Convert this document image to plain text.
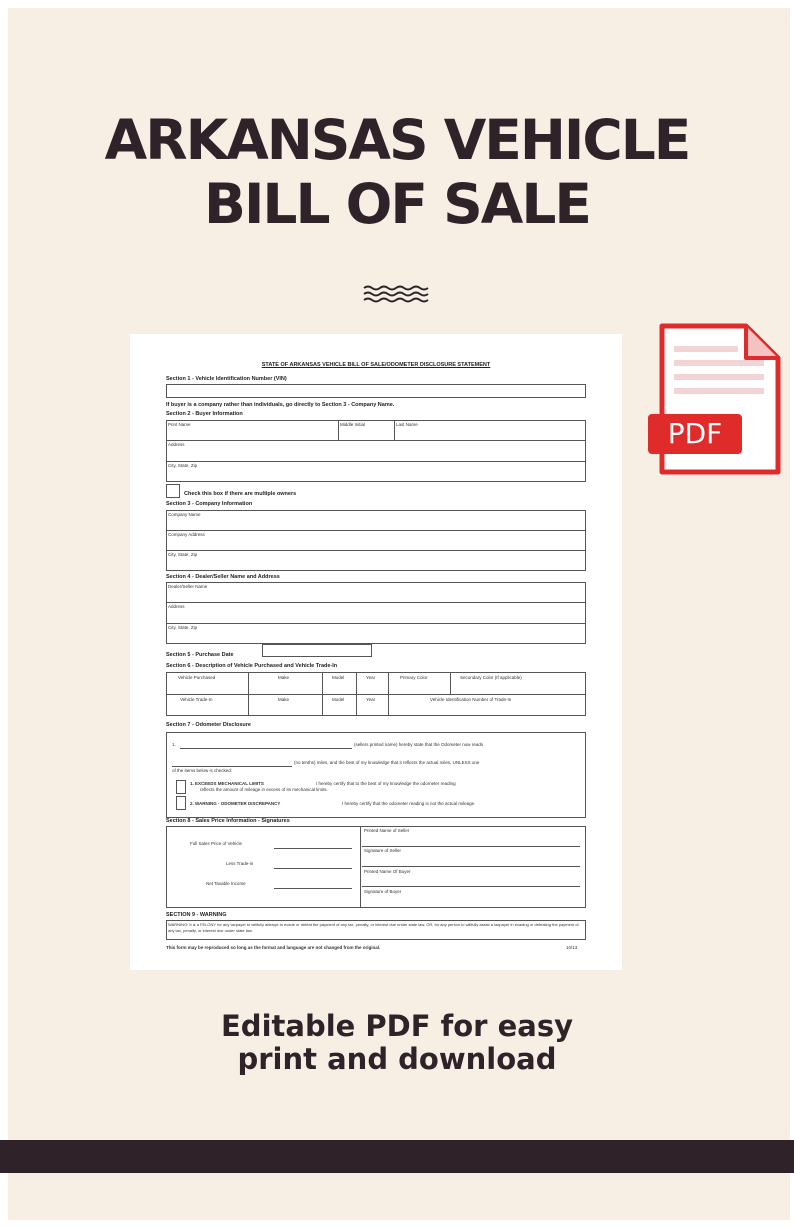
ARKANSAS VEHICLE
BILL OF SALE
STATE OF ARKANSAS VEHICLE BILL OF SALE/ODOMETER DISCLOSURE STATEMENT
Section 1 - Vehicle Identification Number (VIN)
If buyer is a company rather than individuals, go directly to Section 3 - Company Name.
Section 2 - Buyer Information
Print Name	Middle Initial	Last Name
Address
City, State, Zip
Check this box if there are multiple owners
Section 3 - Company Information
Company Name
Company Address
City, State, Zip
Section 4 - Dealer/Seller Name and Address
Dealer/Seller Name
Address
City, State, Zip
Section 5 - Purchase Date
Section 6 - Description of Vehicle Purchased and Vehicle Trade-In
Vehicle Purchased	Make	Model	Year	Primary Color	Secondary Color (If applicable)
Vehicle Trade-In	Make	Model	Year	Vehicle Identification Number of Trade-In
Section 7 - Odometer Disclosure
1.	(sellers printed name) hereby state that the Odometer now reads
(no tenths) miles, and the best of my knowledge that it reflects the actual miles, UNLESS one
of the items below is checked:
1. EXCEEDS MECHANICAL LIMITS	I hereby certify that to the best of my knowledge the odometer reading
reflects the amount of mileage in excess of its mechanical limits.
2. WARNING - ODOMETER DISCREPANCY	I hereby certify that the odometer reading is not the actual mileage.
Section 8 - Sales Price Information - Signatures
Full Sales Price of Vehicle
Less Trade-in
Net Taxable Income
Printed Name of Seller
Signature of Seller
Printed Name Of Buyer
Signature of Buyer
SECTION 9 - WARNING
WARNING: It is a FELONY for any taxpayer to willfully attempt to evade or defeat the payment of any tax, penalty, or interest due under state law, OR, for any person to willfully assist a taxpayer in evading or defeating the payment of any tax, penalty, or interest due under state law.
This form may be reproduced so long as the format and language are not changed from the original.	10/13
PDF
Editable PDF for easy
print and download
